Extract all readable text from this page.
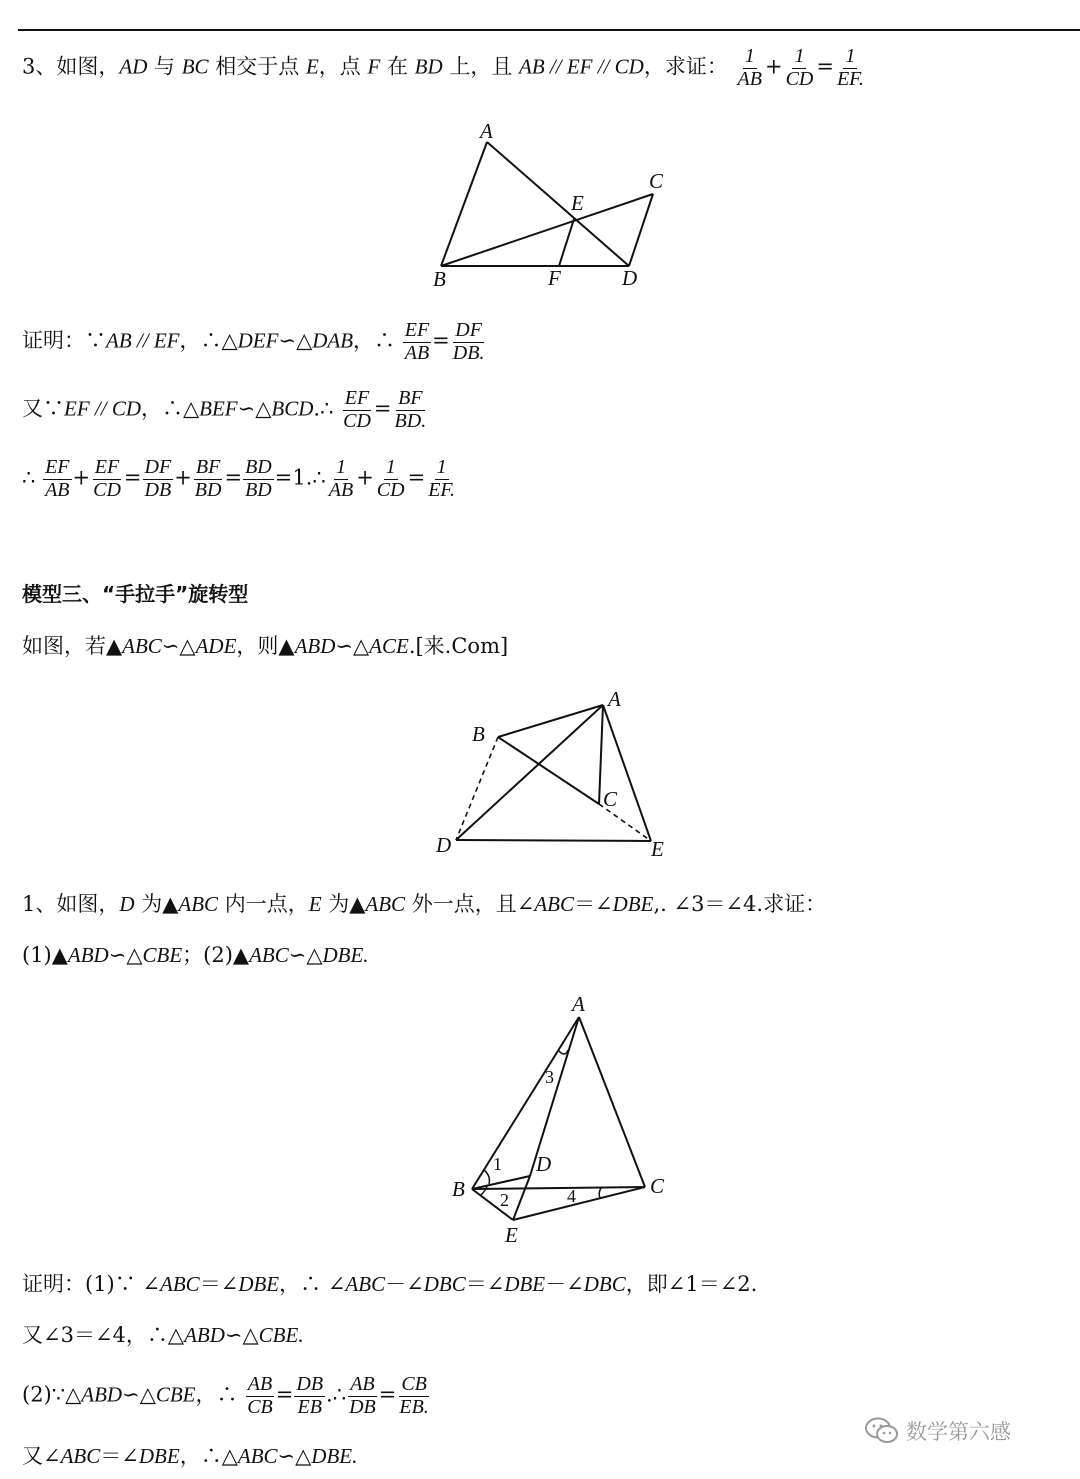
3、如图，AD 与 BC 相交于点 E，点 F 在 BD 上，且 AB // EF // CD，求证： $\frac{1}{AB} + \frac{1}{CD} = \frac{1}{EF.}$
A
B
C
D
E
F
证明：∵AB // EF，∴△DEF∽△DAB，∴ $\frac{EF}{AB} = \frac{DF}{DB.}$
又∵EF // CD，∴△BEF∽△BCD.∴ $\frac{EF}{CD} = \frac{BF}{BD.}$
∴ $\frac{EF}{AB} + \frac{EF}{CD} = \frac{DF}{DB} + \frac{BF}{BD} = \frac{BD}{BD}$ =1.∴ $\frac{1}{AB} + \frac{1}{CD} = \frac{1}{EF.}$
模型三、“手拉手”旋转型
如图，若▲ABC∽△ADE，则▲ABD∽△ACE.[来.Com]
A
B
C
D	E
1、如图，D 为▲ABC 内一点，E 为▲ABC 外一点，且∠ABC＝∠DBE,. ∠3＝∠4.求证：
(1)▲ABD∽△CBE；(2)▲ABC∽△DBE.
A
B	C
D
E
1
2
3
4
证明：(1)∵ ∠ABC＝∠DBE，∴ ∠ABC－∠DBC＝∠DBE－∠DBC，即∠1＝∠2.
又∠3＝∠4，∴△ABD∽△CBE.
(2)∵△ABD∽△CBE，∴ $\frac{AB}{CB} = \frac{DB}{EB}$ .∴ $\frac{AB}{DB} = \frac{CB}{EB.}$
又∠ABC＝∠DBE，∴△ABC∽△DBE.
数学第六感
